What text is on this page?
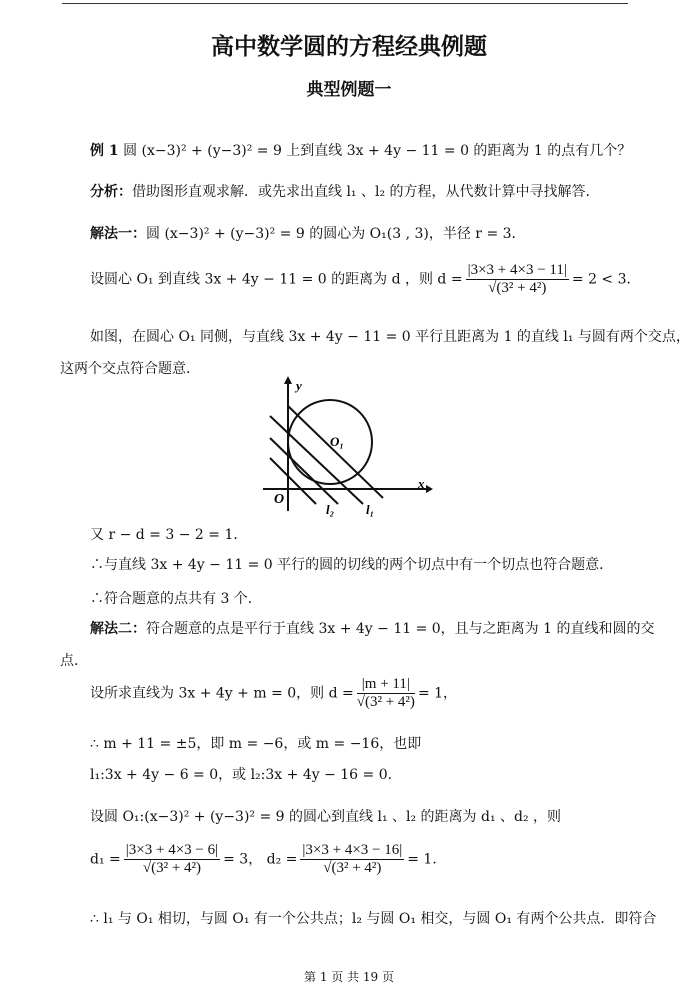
高中数学圆的方程经典例题
典型例题一
例 1 圆 (x−3)² + (y−3)² = 9 上到直线 3x + 4y − 11 = 0 的距离为 1 的点有几个？
分析：借助图形直观求解．或先求出直线 l₁ 、l₂ 的方程，从代数计算中寻找解答．
解法一：圆 (x−3)² + (y−3)² = 9 的圆心为 O₁(3 , 3)，半径 r = 3．
设圆心 O₁ 到直线 3x + 4y − 11 = 0 的距离为 d ，则 $d = \frac{|3\times 3 + 4\times 3 - 11|}{\text{√(3² + 4²)}} = 2 < 3$．
如图，在圆心 O₁ 同侧，与直线 3x + 4y − 11 = 0 平行且距离为 1 的直线 l₁ 与圆有两个交点，
这两个交点符合题意．
y
x
O
O₁
l₂ l₁
又 r − d = 3 − 2 = 1．
∴与直线 3x + 4y − 11 = 0 平行的圆的切线的两个切点中有一个切点也符合题意．
∴符合题意的点共有 3 个．
解法二：符合题意的点是平行于直线 3x + 4y − 11 = 0，且与之距离为 1 的直线和圆的交
点．
设所求直线为 3x + 4y + m = 0，则 $d = \frac{|m + 11|}{\text{√(3² + 4²)}} = 1$，
∴ m + 11 = ±5，即 m = −6，或 m = −16，也即
l₁:3x + 4y − 6 = 0，或 l₂:3x + 4y − 16 = 0．
设圆 O₁:(x−3)² + (y−3)² = 9 的圆心到直线 l₁ 、l₂ 的距离为 d₁ 、d₂ ，则
$d_1 = \frac{|3\times 3 + 4\times 3 - 6|}{\text{√(3² + 4²)}} = 3$， $d_2 = \frac{|3\times 3 + 4\times 3 - 16|}{\text{√(3² + 4²)}} = 1$．
∴ l₁ 与 O₁ 相切，与圆 O₁ 有一个公共点；l₂ 与圆 O₁ 相交，与圆 O₁ 有两个公共点．即符合
第 1 页 共 19 页
